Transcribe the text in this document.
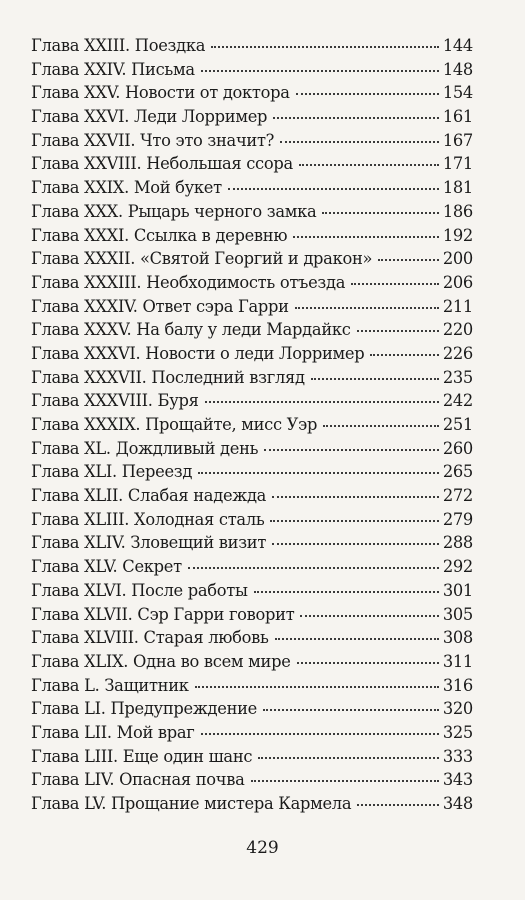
Глава XXIII. Поездка	144
Глава XXIV. Письма	148
Глава XXV. Новости от доктора	154
Глава XXVI. Леди Лорример	161
Глава XXVII. Что это значит?	167
Глава XXVIII. Небольшая ссора	171
Глава XXIX. Мой букет	181
Глава XXX. Рыцарь черного замка	186
Глава XXXI. Ссылка в деревню	192
Глава XXXII. «Святой Георгий и дракон»	200
Глава XXXIII. Необходимость отъезда	206
Глава XXXIV. Ответ сэра Гарри	211
Глава XXXV. На балу у леди Мардайкс	220
Глава XXXVI. Новости о леди Лорример	226
Глава XXXVII. Последний взгляд	235
Глава XXXVIII. Буря	242
Глава XXXIX. Прощайте, мисс Уэр	251
Глава XL. Дождливый день	260
Глава XLI. Переезд	265
Глава XLII. Слабая надежда	272
Глава XLIII. Холодная сталь	279
Глава XLIV. Зловещий визит	288
Глава XLV. Секрет	292
Глава XLVI. После работы	301
Глава XLVII. Сэр Гарри говорит	305
Глава XLVIII. Старая любовь	308
Глава XLIX. Одна во всем мире	311
Глава L. Защитник	316
Глава LI. Предупреждение	320
Глава LII. Мой враг	325
Глава LIII. Еще один шанс	333
Глава LIV. Опасная почва	343
Глава LV. Прощание мистера Кармела	348
429
